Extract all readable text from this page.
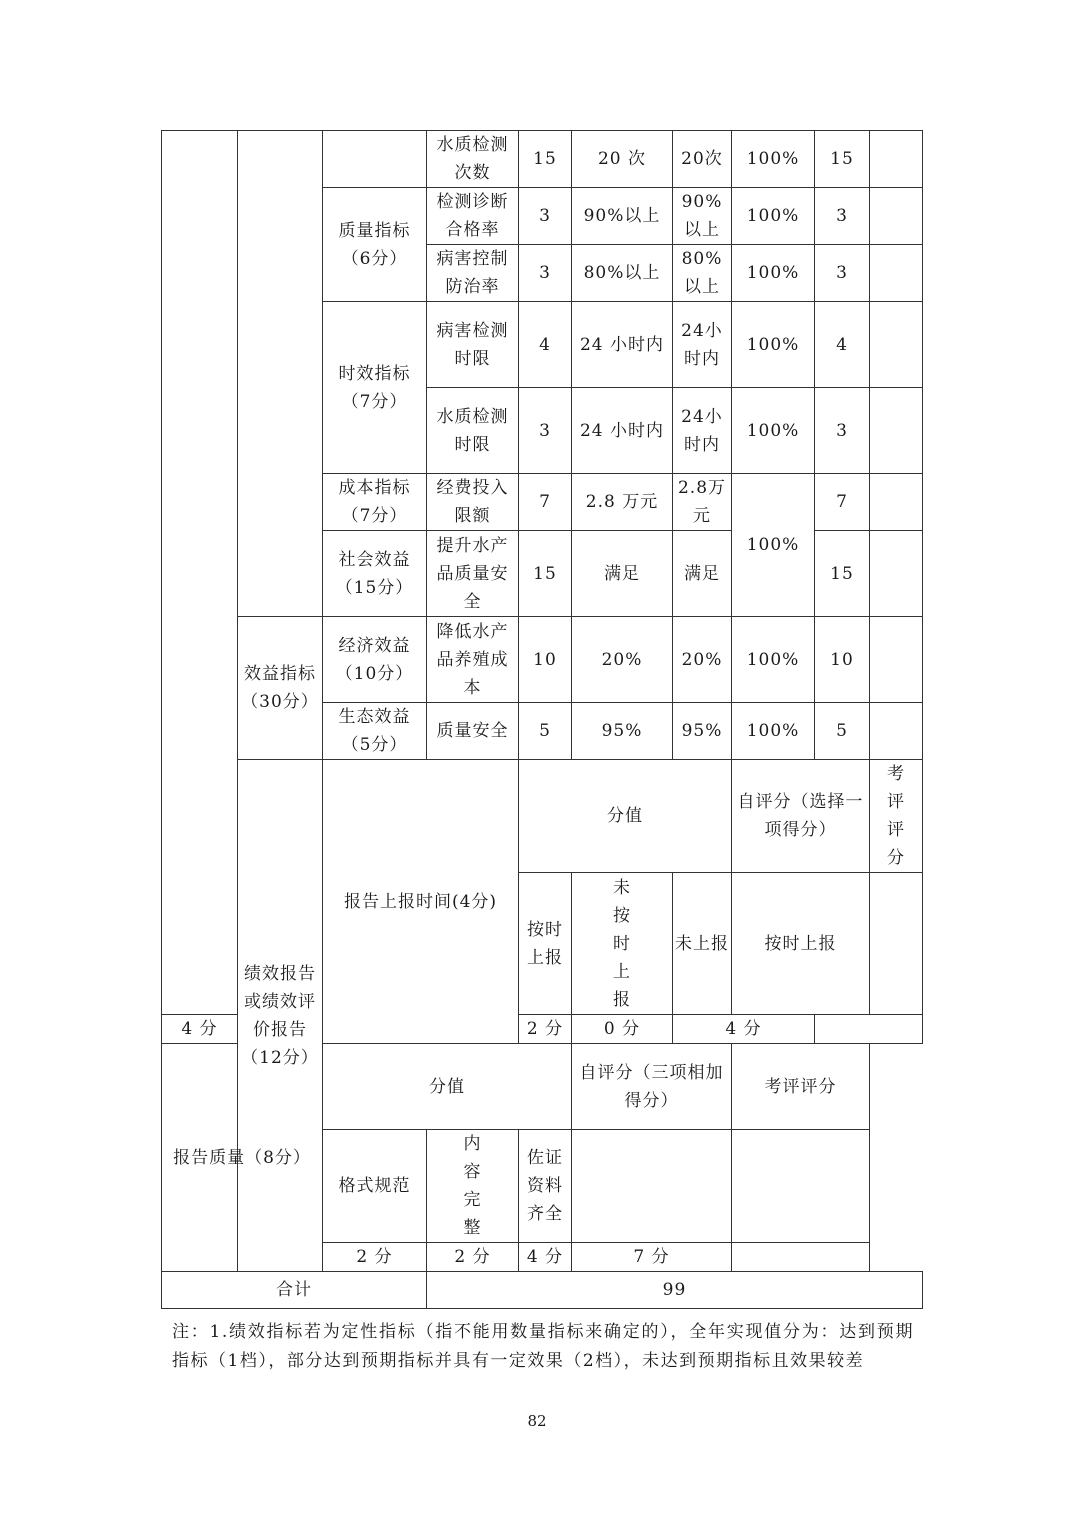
			水质检测次数	15	20 次	20次	100%	15		
		质量指标（6分）	检测诊断合格率	3	90%以上	90%以上	100%	3		
			病害控制防治率	3	80%以上	80%以上	100%	3		
		时效指标（7分）	病害检测时限	4	24 小时内	24小时内	100%	4		
			水质检测时限	3	24 小时内	24小时内	100%	3		
		成本指标（7分）	经费投入限额	7	2.8 万元	2.8万元	100%	7		
		社会效益（15分）	提升水产品质量安全	15	满足	满足		15		
	效益指标（30分）	经济效益（10分）	降低水产品养殖成本	10	20%	20%	100%	10		
		生态效益（5分）	质量安全	5	95%	95%	100%	5		
	绩效报告或绩效评价报告（12分）	报告上报时间(4分)		分值			自评分（选择一项得分）		考评评分	
				按时上报	未按时上报	未上报	按时上报			
4 分				2 分	0 分	4 分				
报告质量（8分）		分值			自评分（三项相加得分）		考评评分			
		格式规范	内容完整	佐证资料齐全						
		2 分	2 分	4 分	7 分					
合计			99							
注：1.绩效指标若为定性指标（指不能用数量指标来确定的），全年实现值分为：达到预期指标（1档），部分达到预期指标并具有一定效果（2档），未达到预期指标且效果较差
82
